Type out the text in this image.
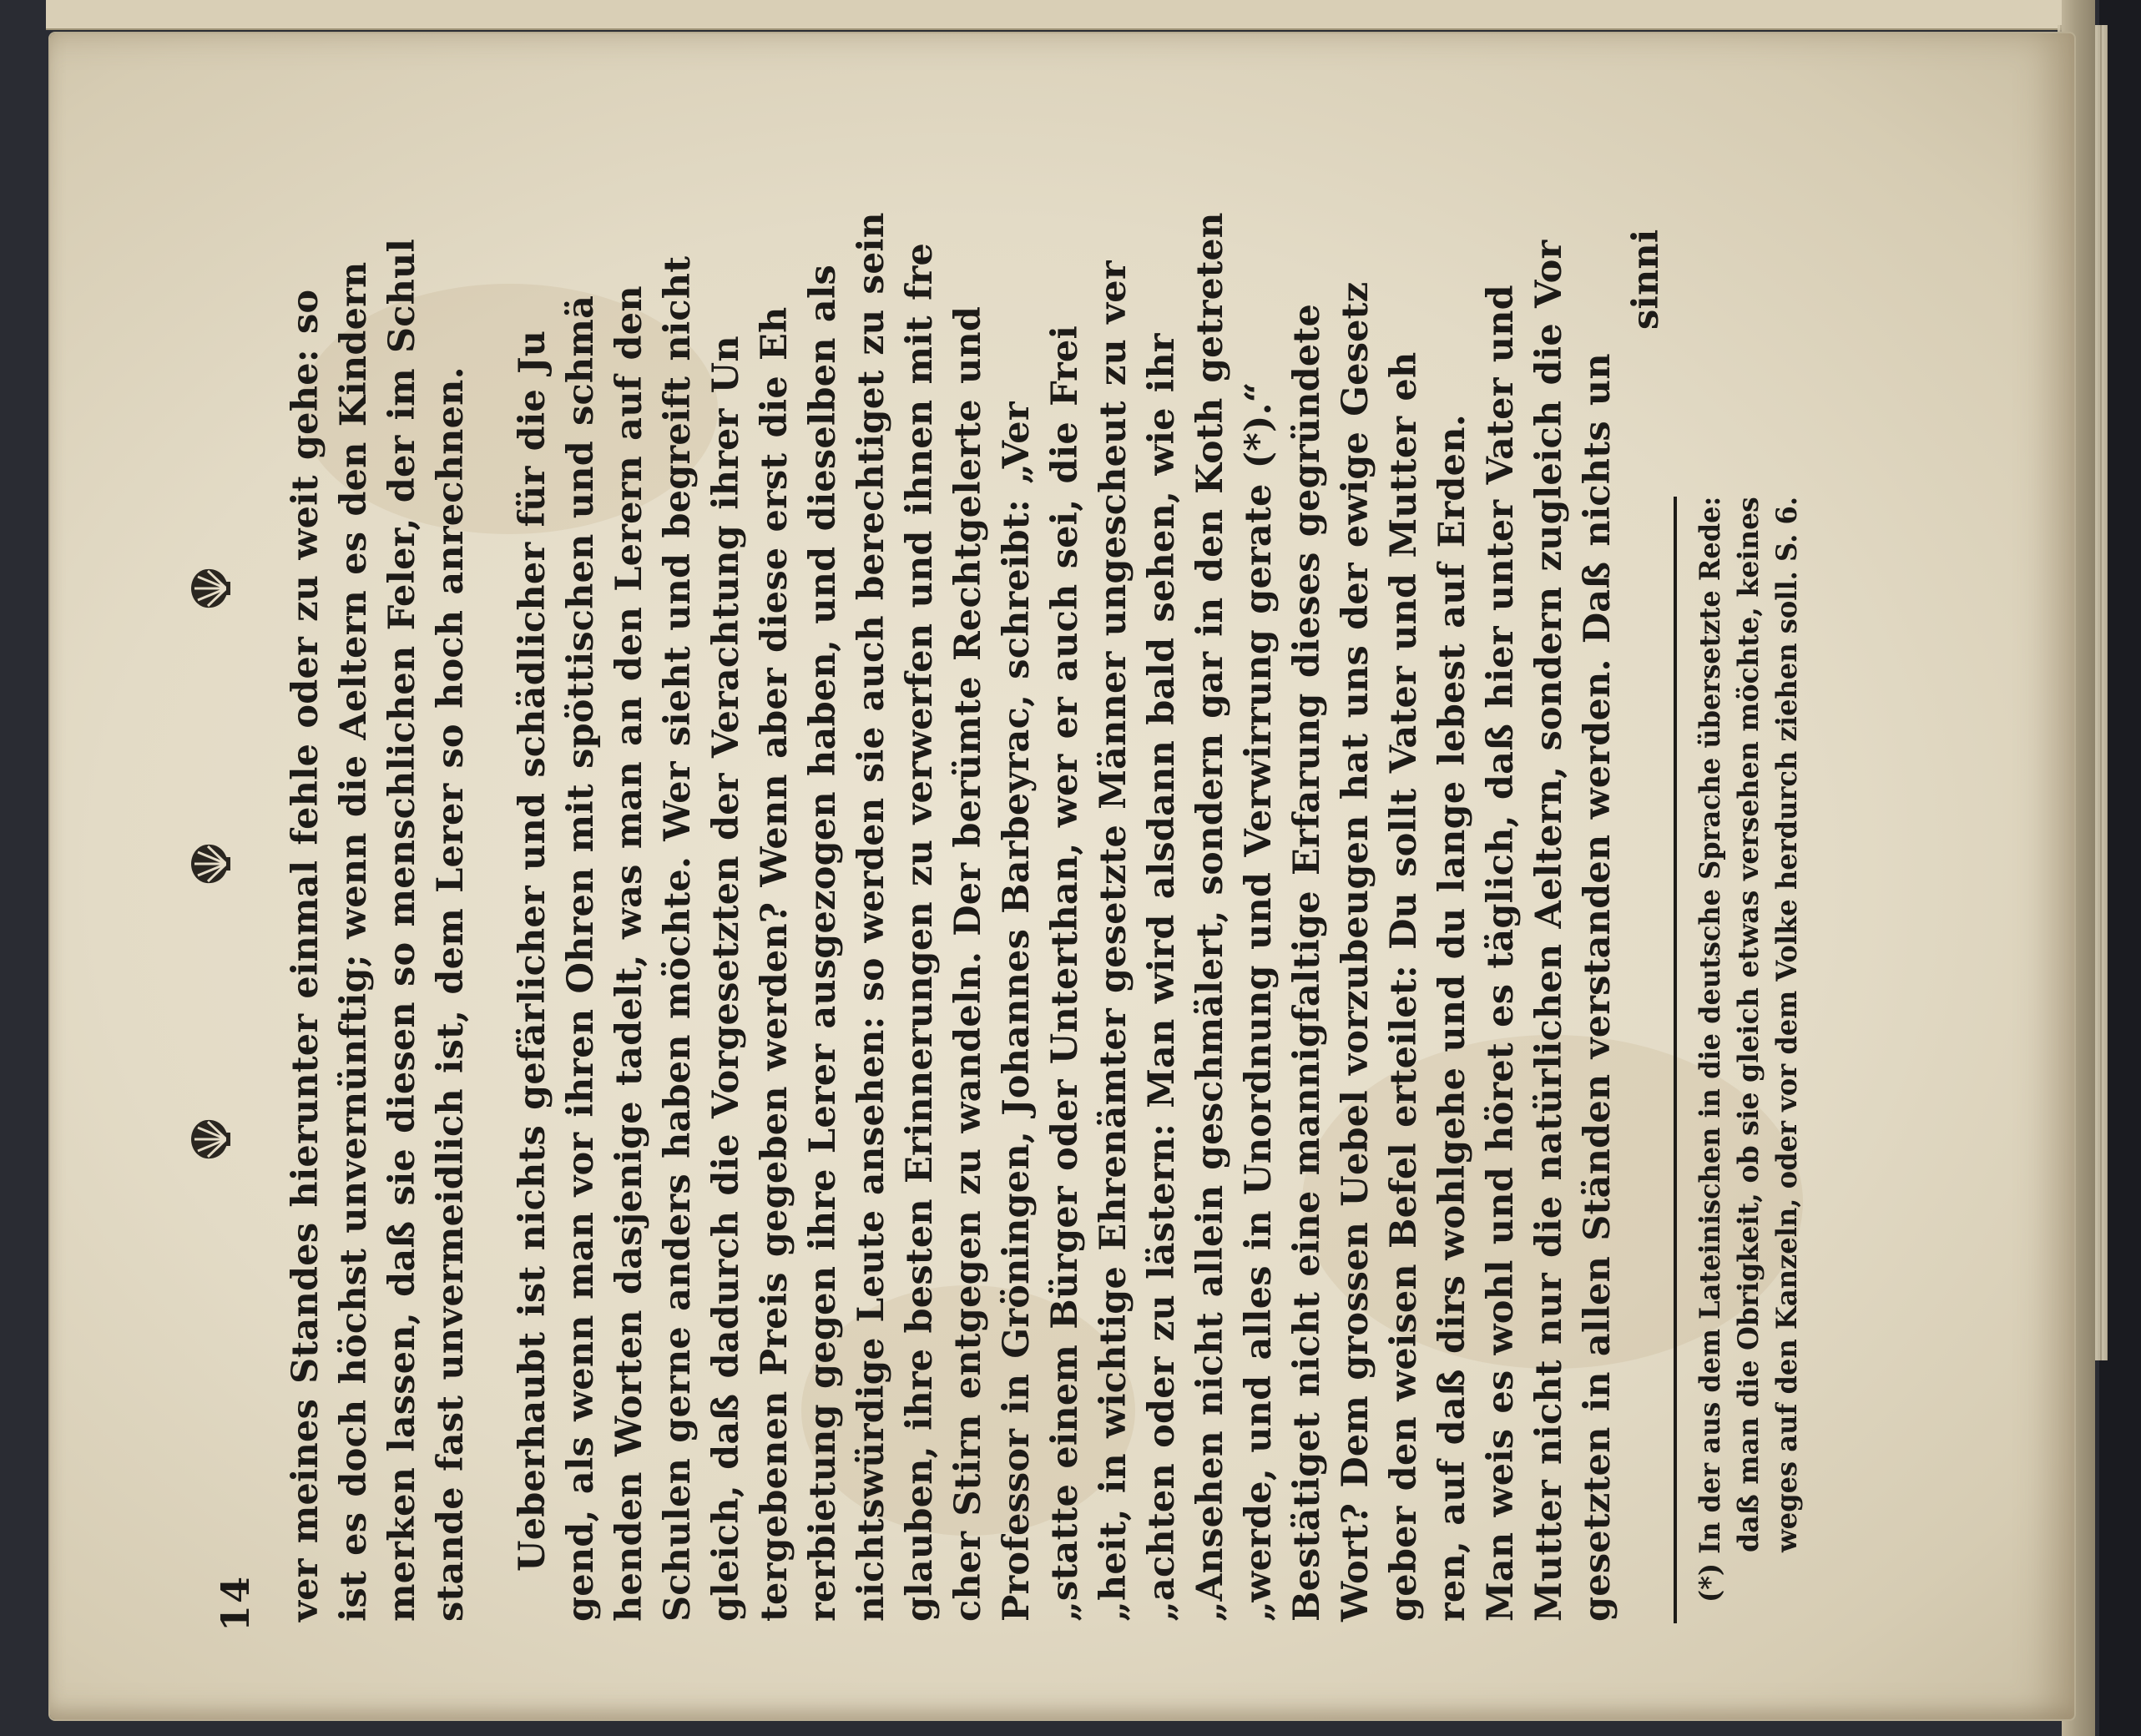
14 ver meines Standes hierunter einmal fehle oder zu weit gehe: so ist es doch höchst unvernünftig; wenn die Aeltern es den Kindern merken lassen, daß sie diesen so menschlichen Feler, der im Schul stande fast unvermeidlich ist, dem Lerer so hoch anrechnen. Ueberhaubt ist nichts gefärlicher und schädlicher für die Ju gend, als wenn man vor ihren Ohren mit spöttischen und schmä henden Worten dasjenige tadelt, was man an den Lerern auf den Schulen gerne anders haben möchte. Wer sieht und begreift nicht gleich, daß dadurch die Vorgesetzten der Verachtung ihrer Un tergebenen Preis gegeben werden? Wenn aber diese erst die Eh rerbietung gegen ihre Lerer ausgezogen haben, und dieselben als nichtswürdige Leute ansehen: so werden sie auch berechtiget zu sein glauben, ihre besten Erinnerungen zu verwerfen und ihnen mit fre cher Stirn entgegen zu wandeln. Der berümte Rechtgelerte und Professor in Gröningen, Johannes Barbeyrac, schreibt: „Ver „statte einem Bürger oder Unterthan, wer er auch sei, die Frei „heit, in wichtige Ehrenämter gesetzte Männer ungescheut zu ver „achten oder zu lästern: Man wird alsdann bald sehen, wie ihr „Ansehen nicht allein geschmälert, sondern gar in den Koth getreten „werde, und alles in Unordnung und Verwirrung gerate (*).“ Bestätiget nicht eine mannigfaltige Erfarung dieses gegründete Wort? Dem grossen Uebel vorzubeugen hat uns der ewige Gesetz geber den weisen Befel erteilet: Du sollt Vater und Mutter eh ren, auf daß dirs wohlgehe und du lange lebest auf Erden. Man weis es wohl und höret es täglich, daß hier unter Vater und Mutter nicht nur die natürlichen Aeltern, sondern zugleich die Vor gesetzten in allen Ständen verstanden werden. Daß nichts un
sinni
(*) In der aus dem Lateinischen in die deutsche Sprache übersetzte Rede: daß man die Obrigkeit, ob sie gleich etwas versehen möchte, keines weges auf den Kanzeln, oder vor dem Volke herdurch ziehen soll. S. 6.
